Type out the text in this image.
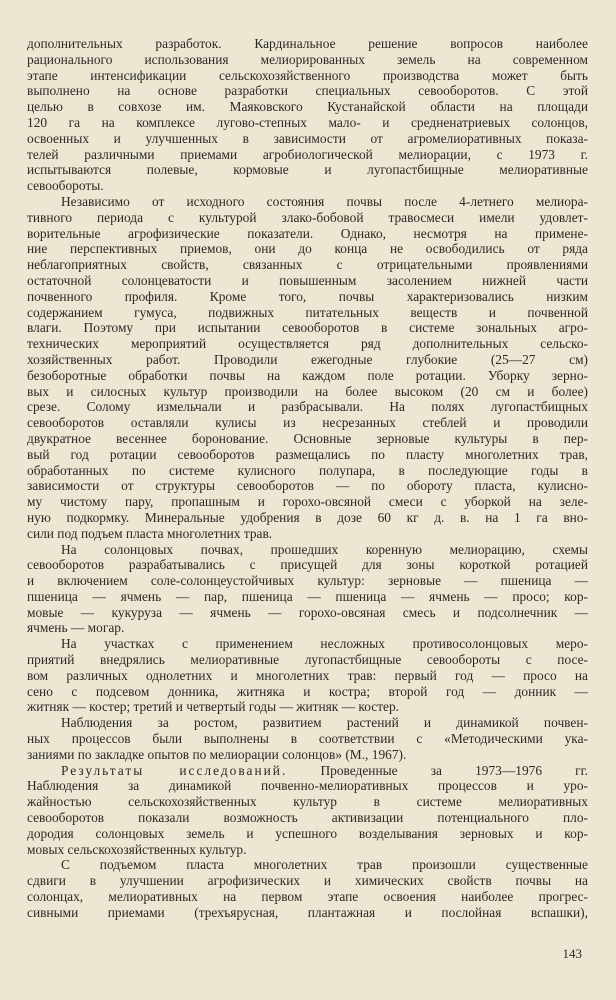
дополнительных разработок. Кардинальное решение вопросов наиболее
рационального использования мелиорированных земель на современном
этапе интенсификации сельскохозяйственного производства может быть
выполнено на основе разработки специальных севооборотов. С этой
целью в совхозе им. Маяковского Кустанайской области на площади
120 га на комплексе лугово-степных мало- и средненатриевых солонцов,
освоенных и улучшенных в зависимости от агромелиоративных показа-
телей различными приемами агробиологической мелиорации, с 1973 г.
испытываются полевые, кормовые и лугопастбищные мелиоративные
севообороты.

Независимо от исходного состояния почвы после 4-летнего мелиора-
тивного периода с культурой злако-бобовой травосмеси имели удовлет-
ворительные агрофизические показатели. Однако, несмотря на примене-
ние перспективных приемов, они до конца не освободились от ряда
неблагоприятных свойств, связанных с отрицательными проявлениями
остаточной солонцеватости и повышенным засолением нижней части
почвенного профиля. Кроме того, почвы характеризовались низким
содержанием гумуса, подвижных питательных веществ и почвенной
влаги. Поэтому при испытании севооборотов в системе зональных агро-
технических мероприятий осуществляется ряд дополнительных сельско-
хозяйственных работ. Проводили ежегодные глубокие (25—27 см)
безоборотные обработки почвы на каждом поле ротации. Уборку зерно-
вых и силосных культур производили на более высоком (20 см и более)
срезе. Солому измельчали и разбрасывали. На полях лугопастбищных
севооборотов оставляли кулисы из несрезанных стеблей и проводили
двукратное весеннее боронование. Основные зерновые культуры в пер-
вый год ротации севооборотов размещались по пласту многолетних трав,
обработанных по системе кулисного полупара, в последующие годы в
зависимости от структуры севооборотов — по обороту пласта, кулисно-
му чистому пару, пропашным и горохо-овсяной смеси с уборкой на зеле-
ную подкормку. Минеральные удобрения в дозе 60 кг д. в. на 1 га вно-
сили под подъем пласта многолетних трав.

На солонцовых почвах, прошедших коренную мелиорацию, схемы
севооборотов разрабатывались с присущей для зоны короткой ротацией
и включением соле-солонцеустойчивых культур: зерновые — пшеница —
пшеница — ячмень — пар, пшеница — пшеница — ячмень — просо; кор-
мовые — кукуруза — ячмень — горохо-овсяная смесь и подсолнечник —
ячмень — могар.

На участках с применением несложных противосолонцовых меро-
приятий внедрялись мелиоративные лугопастбищные севообороты с посе-
вом различных однолетних и многолетних трав: первый год — просо на
сено с подсевом донника, житняка и костра; второй год — донник —
житняк — костер; третий и четвертый годы — житняк — костер.

Наблюдения за ростом, развитием растений и динамикой почвен-
ных процессов были выполнены в соответствии с «Методическими ука-
заниями по закладке опытов по мелиорации солонцов» (М., 1967).

Результаты исследований. Проведенные за 1973—1976 гг.
Наблюдения за динамикой почвенно-мелиоративных процессов и уро-
жайностью сельскохозяйственных культур в системе мелиоративных
севооборотов показали возможность активизации потенциального пло-
дородия солонцовых земель и успешного возделывания зерновых и кор-
мовых сельскохозяйственных культур.

С подъемом пласта многолетних трав произошли существенные
сдвиги в улучшении агрофизических и химических свойств почвы на
солонцах, мелиоративных на первом этапе освоения наиболее прогрес-
сивными приемами (трехъярусная, плантажная и послойная вспашки),

143
